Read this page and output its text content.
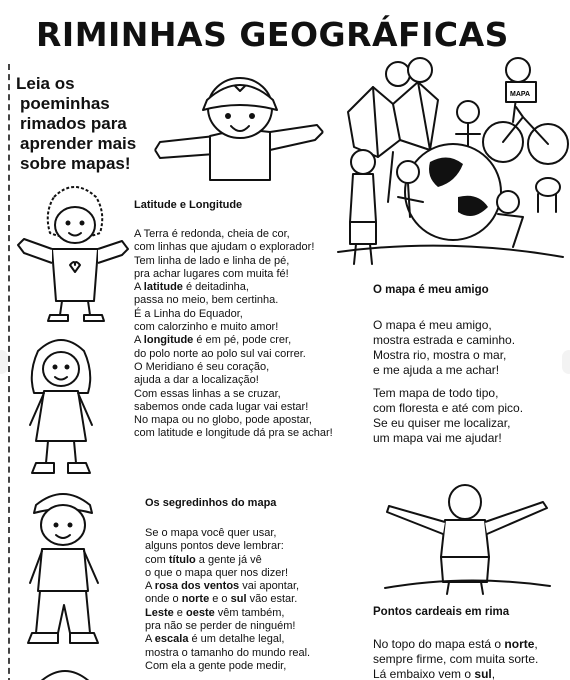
RIMINHAS GEOGRÁFICAS
Leia os
poeminhas
rimados para
aprender mais
sobre mapas!
MAPA
Latitude e Longitude
A Terra é redonda, cheia de cor,
com linhas que ajudam o explorador!
Tem linha de lado e linha de pé,
pra achar lugares com muita fé!
A latitude é deitadinha,
passa no meio, bem certinha.
É a Linha do Equador,
com calorzinho e muito amor!
A longitude é em pé, pode crer,
do polo norte ao polo sul vai correr.
O Meridiano é seu coração,
ajuda a dar a localização!
Com essas linhas a se cruzar,
sabemos onde cada lugar vai estar!
No mapa ou no globo, pode apostar,
com latitude e longitude dá pra se achar!
Os segredinhos do mapa
Se o mapa você quer usar,
alguns pontos deve lembrar:
com título a gente já vê
o que o mapa quer nos dizer!
A rosa dos ventos vai apontar,
onde o norte e o sul vão estar.
Leste e oeste vêm também,
pra não se perder de ninguém!
A escala é um detalhe legal,
mostra o tamanho do mundo real.
Com ela a gente pode medir,
O mapa é meu amigo
O mapa é meu amigo,
mostra estrada e caminho.
Mostra rio, mostra o mar,
e me ajuda a me achar!
Tem mapa de todo tipo,
com floresta e até com pico.
Se eu quiser me localizar,
um mapa vai me ajudar!
Pontos cardeais em rima
No topo do mapa está o norte,
sempre firme, com muita sorte.
Lá embaixo vem o sul,
